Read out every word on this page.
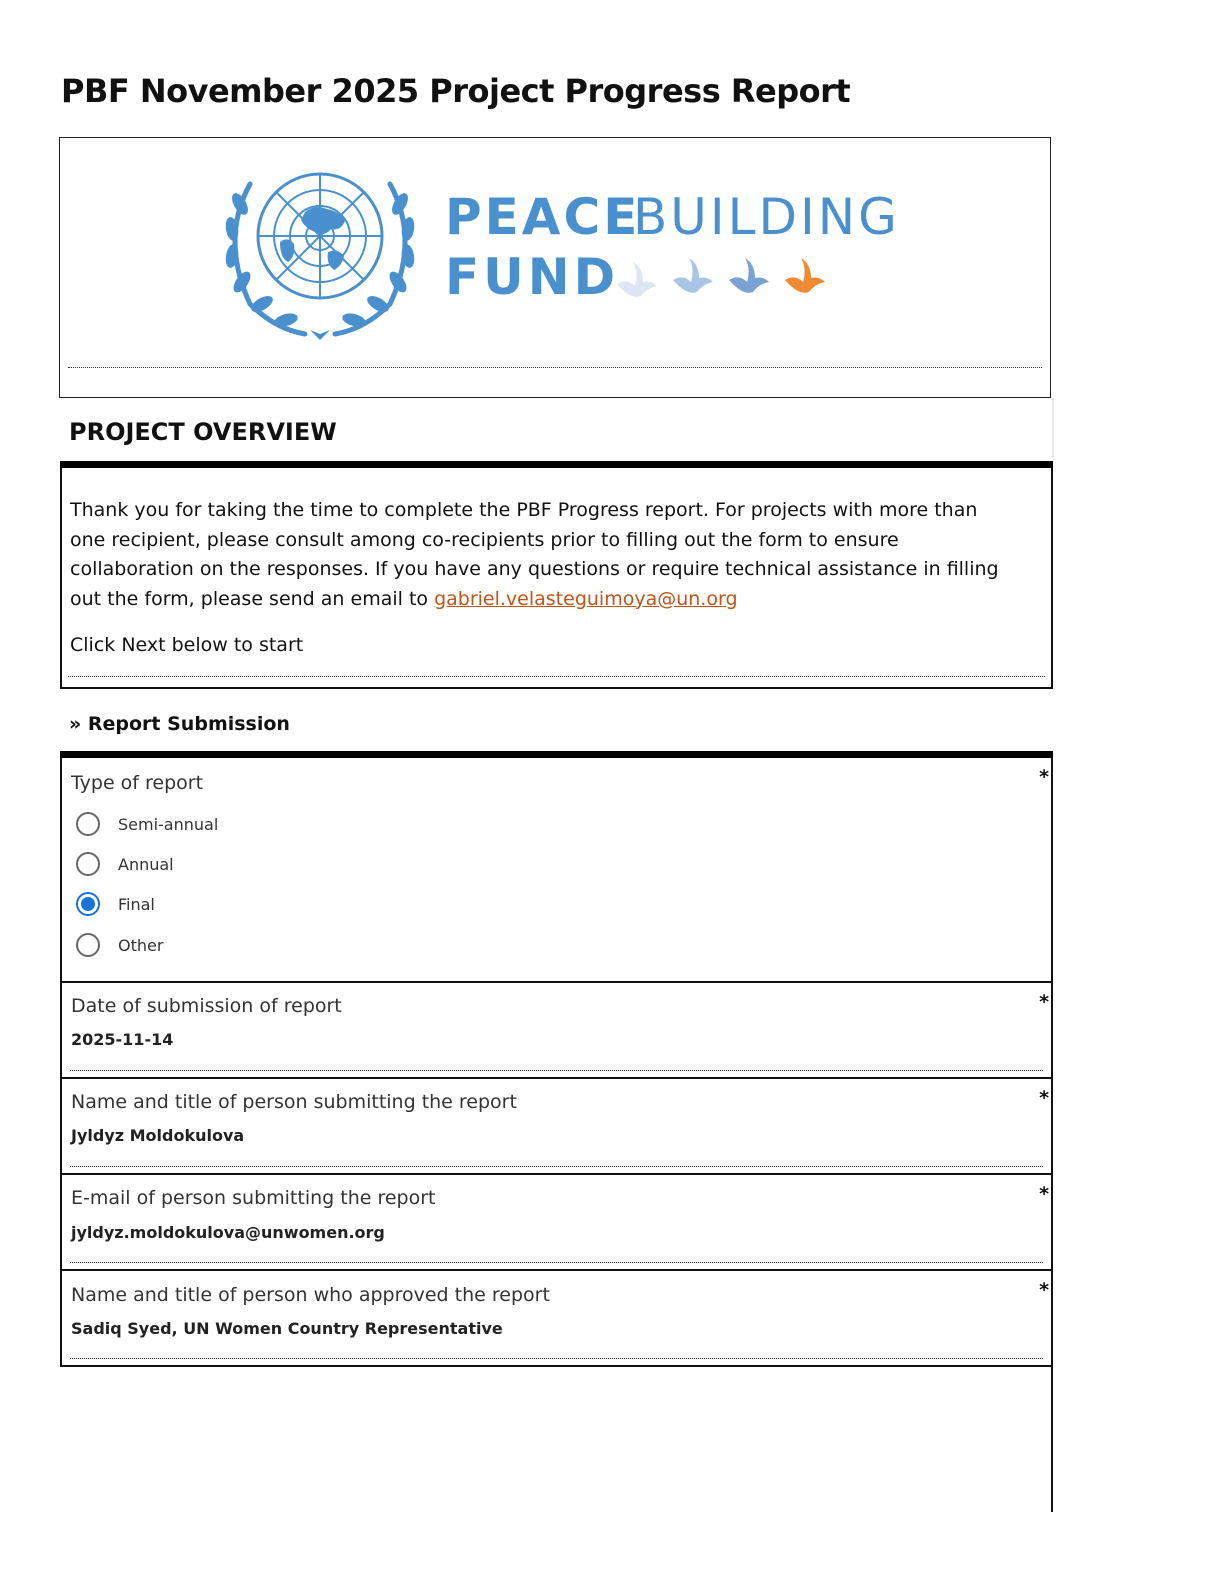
PBF November 2025 Project Progress Report
PEACE
BUILDING
FUND
PROJECT OVERVIEW
Thank you for taking the time to complete the PBF Progress report. For projects with more than one recipient, please consult among co-recipients prior to filling out the form to ensure collaboration on the responses. If you have any questions or require technical assistance in filling out the form, please send an email to gabriel.velasteguimoya@un.org
Click Next below to start
» Report Submission
Type of report	*
Semi-annual
Annual
Final
Other
Date of submission of report	*
2025-11-14
Name and title of person submitting the report	*
Jyldyz Moldokulova
E-mail of person submitting the report	*
jyldyz.moldokulova@unwomen.org
Name and title of person who approved the report	*
Sadiq Syed, UN Women Country Representative
